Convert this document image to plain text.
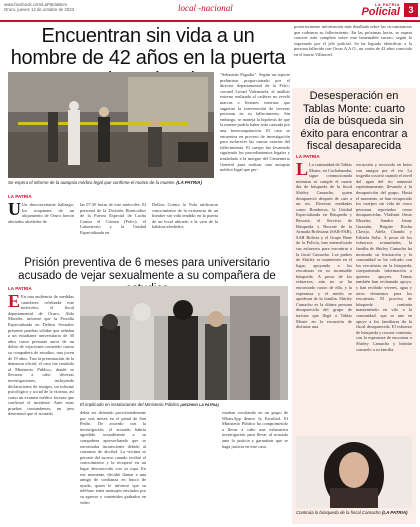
www.facebook.com/LaPatriaBeni
Oruro, jueves 12 de octubre de 2023	local -nacional	LA PATRIA
Policial 3
Encuentran sin vida a un hombre de 42 años en la puerta
Se espera el informe de la autopsia médico legal que confirme el motivo de la muerte. (LA PATRIA)
"Sebastián Pagador". Según un reporte preliminar proporcionado por el director departamental de la Felcc, coronel Lionel Valenzuela, el análisis externo realizado al cadáver no reveló marcas o lesiones externas que sugieran la intervención de terceras personas en su fallecimiento. Sin embargo, se maneja la hipótesis de que la muerte podría haber sido causada por una broncoaspiración. El caso se encuentra en proceso de investigación para esclarecer las causas exactas del fallecimiento. El cuerpo fue levantado siguiendo los procedimientos legales y trasladado a la morgue del Cementerio General para realizar una autopsia médico legal que per-
posteriormente información más detallada sobre las circunstancias que rodearon su fallecimiento. En las próximas horas, se espera conocer más completo sobre este lamentable suceso, según lo expresado por el jefe policial. Se ha logrado identificar a la persona fallecida con Oscar A.A.O., un varón de 42 años conocido en el barrio Villarroel.
LA PATRIA
U Un desconcertante hallazgo, los ocupantes de un alojamiento de Oruro fueron alertados alrededor de
las 07:30 horas de este miércoles. El personal de la División Homicidios de la Fuerza Especial de Lucha Contra el Crimen (Felcc), el Laboratorio y la Unidad Especializada en
Delitos Contra la Vida ratificaron conocimiento de la existencia de un hombre sin vida tendido en la puerta de un local ubicado a la vera de la baldosa alrededor,
Prisión preventiva de 6 meses para universitario acusado de vejar sexualmente a su compañera de
LA PATRIA
E En una audiencia de medidas cautelares celebrada este miércoles, el fiscal departamental de Oruro, Aldo Morales, informó que la Fiscalía Especializada en Delitos Sexuales presentó pruebas sólidas que señalan a un estudiante universitario de 30 años como presunto autor de un delito de vejaciones cometido contra su compañera de estudios, una joven de 19 años. Tras la presentación de la denuncia oficial, el caso fue remitido al Ministerio Público, donde se llevaron a cabo diversas investigaciones, incluyendo declaraciones de testigos, un informe psicológico y social de la víctima, así como un examen médico forense que confirmó el incidente. Ante estas pruebas contundentes, un juez determinó que el acusado
El implicado en instalaciones del Ministerio Público (ARCHIVO LA PATRIA)
debía ser detenido provisionalmente por seis meses en el penal de San Pedro. De acuerdo con la investigación, el acusado habría agredido sexualmente a su compañera aprovechando que se encontraba inconsciente debido al consumo de alcohol. La víctima se percató del suceso cuando recibió el conocimiento y la recuperó en un lugar desconocido con su ropa. En ese momento, decidió llamar a una amiga de confianza en busca de ayuda, quien le informó que su teléfono tenía mensajes enviados por su agresor y contenidos grabados en video
estaban circulando en un grupo de WhatsApp dentro la Facultad. El Ministerio Público ha comprometido a llevar a cabo una exhaustiva investigación para llevar al acusado ante la justicia y garantizar que se haga justicia en este caso.
Desesperación en Tablas Monte: cuarto día de búsqueda sin éxito para encontrar a fiscal desaparecida
LA PATRIA
L La comunidad de Tablas Monte, en Cochabamba, sigue conmocionada mientras se cumple el cuarto día de búsqueda de la fiscal Shirley Camacho, quien desapareció después de caer a un río. Diversas entidades como Bomberos, la Unidad Especializada en Búsqueda y Rescate, el Servicio de Búsqueda y Rescate de la Armada Boliviana (SAR-FAB), SAR Bolivia y el Grupo Bene de la Policía, han intensificado sus esfuerzos para encontrar a la fiscal Camacho. Los padres de Shirley se mantienen en el lugar, apoyando a los rescatistas en su incansable búsqueda. A pesar de los esfuerzos, aún no se ha encontrado rastro de ella, y la esperanza y el miedo se apoderan de la familia. Shirley Camacho es la última persona desaparecida del grupo de turistas que llegó a Tablas Monte en la excursión de disfrutar una
excursión y recorrido en botes con amigos por el río. La tragedia ocurrió cuando el nivel del agua del río aumentó repentinamente, llevando a la desaparición del grupo. Hasta el momento, se han recuperado los cuerpos sin vida de cinco personas reportadas como desaparecidas: Vladimir Omar Morales, Sandra Jenny Guzmán, Brigitte Rocha Clavijo, Adela Chambi y Fabiola Soliz. A pesar de los esfuerzos acumulados, la familia de Shirley Camacho ha mostrado su frustración y la comunidad se ha volcado con los rescatistas en la búsqueda, compartiendo información a quienes apoyen. Tomas también han reclamado apoyo, y han recibido víveres, agua y otros elementos para los rescatistas. El proceso de búsqueda continúa manteniendo en vilo a la comunidad, que se une en apoyo a los familiares de la fiscal desaparecida. El esfuerzo de búsqueda y rescate continúa, con la esperanza de encontrar a Shirley Camacho y brindar consuelo a su familia.
Continúa la búsqueda de la fiscal Camacho (LA PATRIA)
